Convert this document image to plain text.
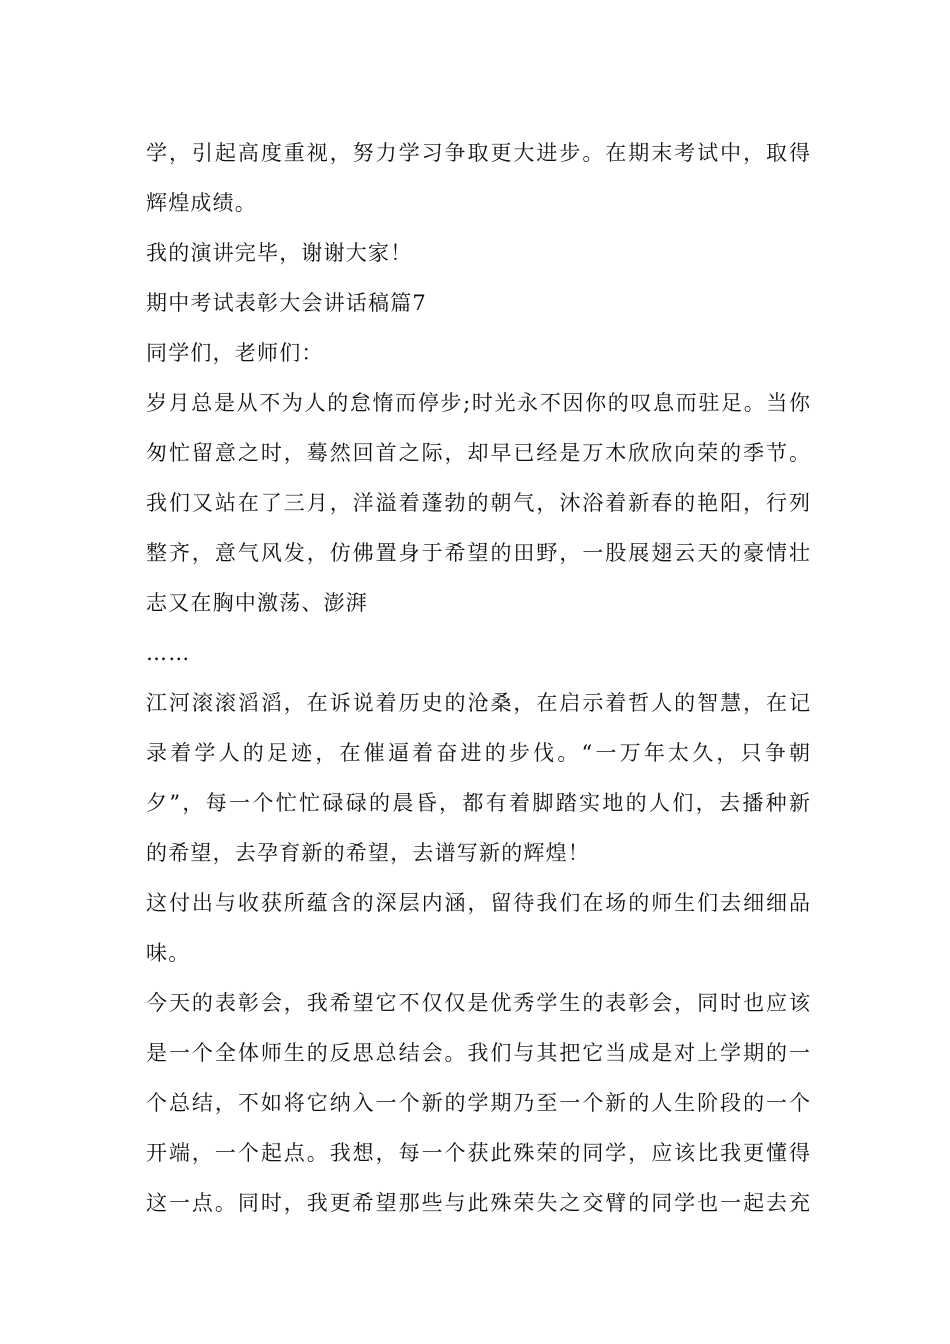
学，引起高度重视，努力学习争取更大进步。在期末考试中，取得
辉煌成绩。
我的演讲完毕，谢谢大家！
期中考试表彰大会讲话稿篇7
同学们，老师们：
岁月总是从不为人的怠惰而停步;时光永不因你的叹息而驻足。当你
匆忙留意之时，蓦然回首之际，却早已经是万木欣欣向荣的季节。
我们又站在了三月，洋溢着蓬勃的朝气，沐浴着新春的艳阳，行列
整齐，意气风发，仿佛置身于希望的田野，一股展翅云天的豪情壮
志又在胸中激荡、澎湃
……
江河滚滚滔滔，在诉说着历史的沧桑，在启示着哲人的智慧，在记
录着学人的足迹，在催逼着奋进的步伐。“一万年太久，只争朝
夕”，每一个忙忙碌碌的晨昏，都有着脚踏实地的人们，去播种新
的希望，去孕育新的希望，去谱写新的辉煌！
这付出与收获所蕴含的深层内涵，留待我们在场的师生们去细细品
味。
今天的表彰会，我希望它不仅仅是优秀学生的表彰会，同时也应该
是一个全体师生的反思总结会。我们与其把它当成是对上学期的一
个总结，不如将它纳入一个新的学期乃至一个新的人生阶段的一个
开端，一个起点。我想，每一个获此殊荣的同学，应该比我更懂得
这一点。同时，我更希望那些与此殊荣失之交臂的同学也一起去充
